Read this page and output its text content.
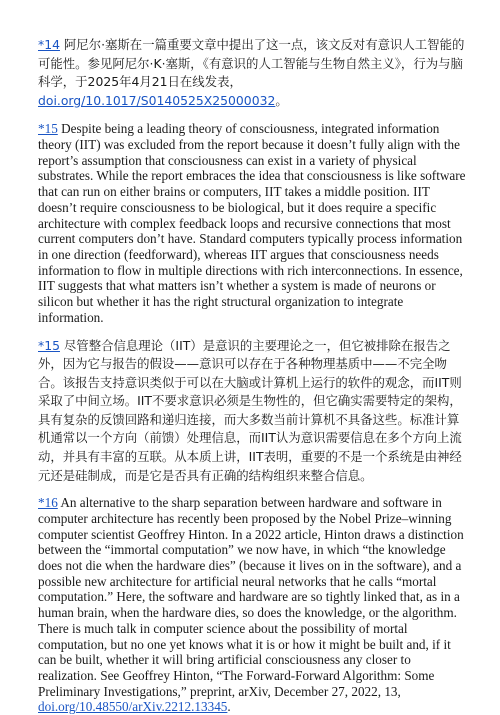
*14 阿尼尔·塞斯在一篇重要文章中提出了这一点，该文反对有意识人工智能的可能性。参见阿尼尔·K·塞斯，《有意识的人工智能与生物自然主义》，行为与脑科学，于2025年4月21日在线发表，doi.org/10.1017/S0140525X25000032。

*15 Despite being a leading theory of consciousness, integrated information theory (IIT) was excluded from the report because it doesn’t fully align with the report’s assumption that consciousness can exist in a variety of physical substrates. While the report embraces the idea that consciousness is like software that can run on either brains or computers, IIT takes a middle position. IIT doesn’t require consciousness to be biological, but it does require a specific architecture with complex feedback loops and recursive connections that most current computers don’t have. Standard computers typically process information in one direction (feedforward), whereas IIT argues that consciousness needs information to flow in multiple directions with rich interconnections. In essence, IIT suggests that what matters isn’t whether a system is made of neurons or silicon but whether it has the right structural organization to integrate information.

*15 尽管整合信息理论（IIT）是意识的主要理论之一，但它被排除在报告之外，因为它与报告的假设——意识可以存在于各种物理基质中——不完全吻合。该报告支持意识类似于可以在大脑或计算机上运行的软件的观念，而IIT则采取了中间立场。IIT不要求意识必须是生物性的，但它确实需要特定的架构，具有复杂的反馈回路和递归连接，而大多数当前计算机不具备这些。标准计算机通常以一个方向（前馈）处理信息，而IIT认为意识需要信息在多个方向上流动，并具有丰富的互联。从本质上讲，IIT表明，重要的不是一个系统是由神经元还是硅制成，而是它是否具有正确的结构组织来整合信息。

*16 An alternative to the sharp separation between hardware and software in computer architecture has recently been proposed by the Nobel Prize–winning computer scientist Geoffrey Hinton. In a 2022 article, Hinton draws a distinction between the “immortal computation” we now have, in which “the knowledge does not die when the hardware dies” (because it lives on in the software), and a possible new architecture for artificial neural networks that he calls “mortal computation.” Here, the software and hardware are so tightly linked that, as in a human brain, when the hardware dies, so does the knowledge, or the algorithm. There is much talk in computer science about the possibility of mortal computation, but no one yet knows what it is or how it might be built and, if it can be built, whether it will bring artificial consciousness any closer to realization. See Geoffrey Hinton, “The Forward-Forward Algorithm: Some Preliminary Investigations,” preprint, arXiv, December 27, 2022, 13, doi.org/10.48550/arXiv.2212.13345.
